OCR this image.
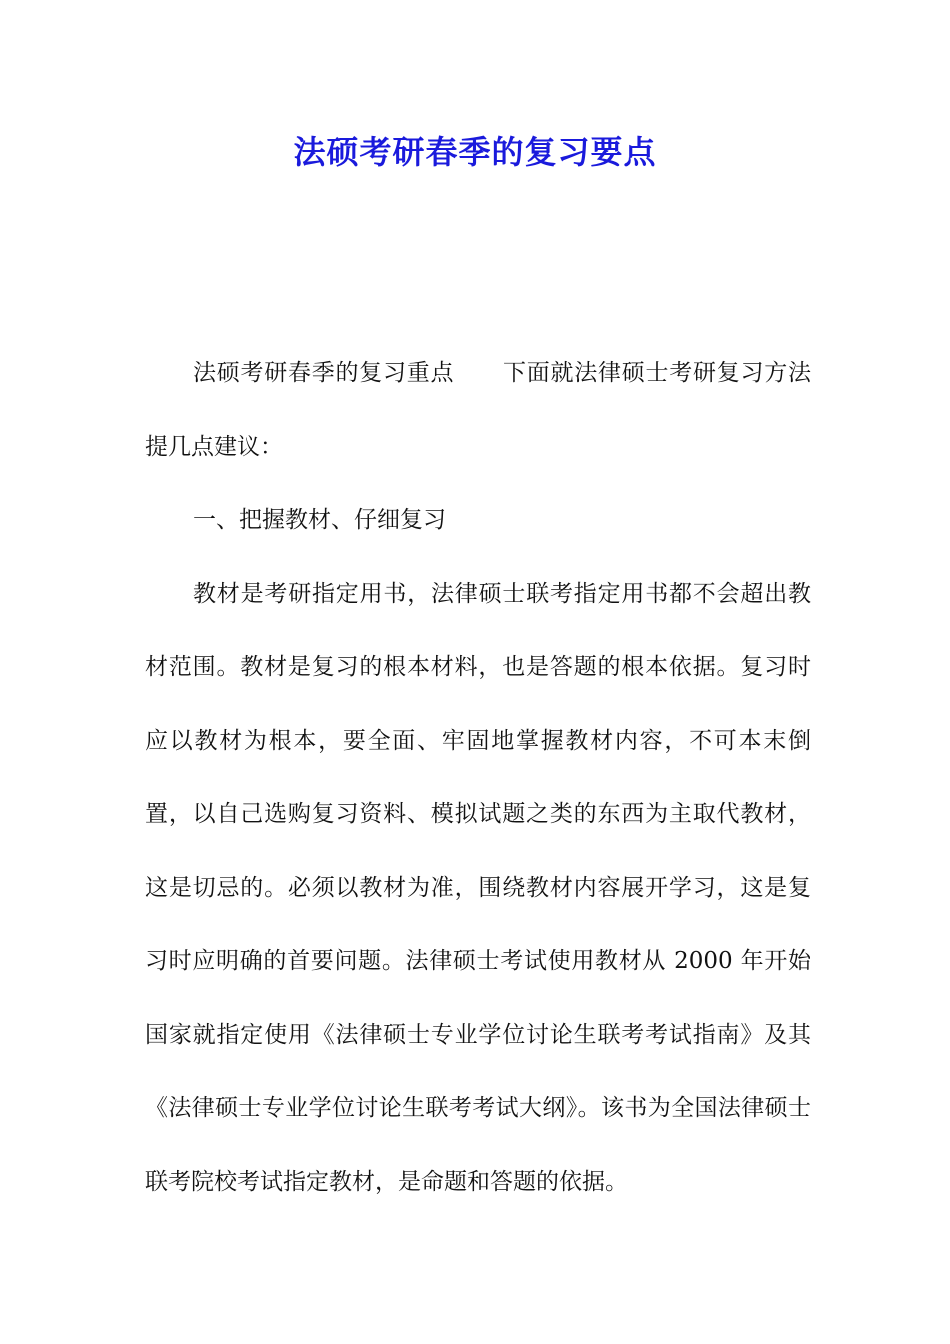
法硕考研春季的复习要点

法硕考研春季的复习重点 下面就法律硕士考研复习方法提几点建议：

一、把握教材、仔细复习

教材是考研指定用书，法律硕士联考指定用书都不会超出教材范围。教材是复习的根本材料，也是答题的根本依据。复习时应以教材为根本，要全面、牢固地掌握教材内容，不可本末倒置，以自己选购复习资料、模拟试题之类的东西为主取代教材，这是切忌的。必须以教材为准，围绕教材内容展开学习，这是复习时应明确的首要问题。法律硕士考试使用教材从 2000 年开始国家就指定使用《法律硕士专业学位讨论生联考考试指南》及其《法律硕士专业学位讨论生联考考试大纲》。该书为全国法律硕士联考院校考试指定教材，是命题和答题的依据。
